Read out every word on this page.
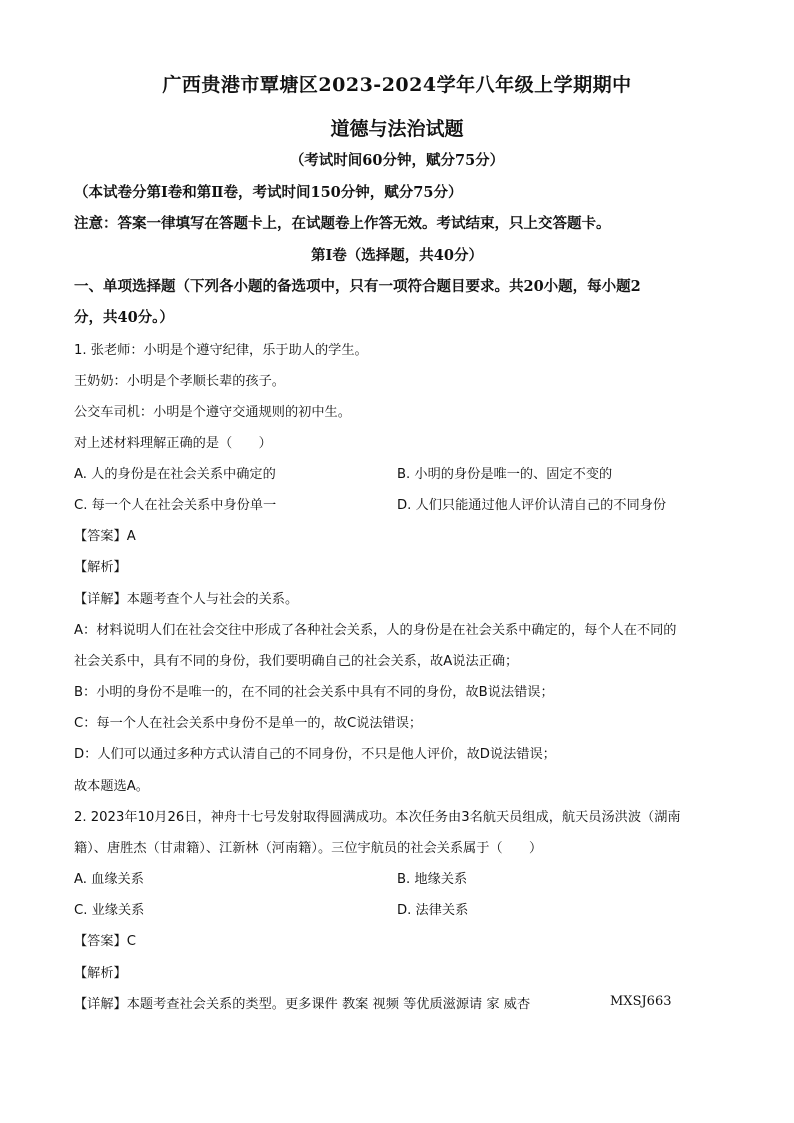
广西贵港市覃塘区2023-2024学年八年级上学期期中
道德与法治试题
（考试时间60分钟，赋分75分）
（本试卷分第Ⅰ卷和第Ⅱ卷，考试时间150分钟，赋分75分）
注意：答案一律填写在答题卡上，在试题卷上作答无效。考试结束，只上交答题卡。
第Ⅰ卷（选择题，共40分）
一、单项选择题（下列各小题的备选项中，只有一项符合题目要求。共20小题，每小题2
分，共40分。）
1. 张老师：小明是个遵守纪律，乐于助人的学生。
王奶奶：小明是个孝顺长辈的孩子。
公交车司机：小明是个遵守交通规则的初中生。
对上述材料理解正确的是（　　）
A. 人的身份是在社会关系中确定的	B. 小明的身份是唯一的、固定不变的
C. 每一个人在社会关系中身份单一	D. 人们只能通过他人评价认清自己的不同身份
【答案】A
【解析】
【详解】本题考查个人与社会的关系。
A：材料说明人们在社会交往中形成了各种社会关系，人的身份是在社会关系中确定的，每个人在不同的
社会关系中，具有不同的身份，我们要明确自己的社会关系，故A说法正确；
B：小明的身份不是唯一的，在不同的社会关系中具有不同的身份，故B说法错误；
C：每一个人在社会关系中身份不是单一的，故C说法错误；
D：人们可以通过多种方式认清自己的不同身份，不只是他人评价，故D说法错误；
故本题选A。
2. 2023年10月26日，神舟十七号发射取得圆满成功。本次任务由3名航天员组成，航天员汤洪波（湖南
籍）、唐胜杰（甘肃籍）、江新林（河南籍）。三位宇航员的社会关系属于（　　）
A. 血缘关系	B. 地缘关系
C. 业缘关系	D. 法律关系
【答案】C
【解析】
【详解】本题考查社会关系的类型。更多课件 教案 视频 等优质滋源请 家 威杏	MXSJ663
